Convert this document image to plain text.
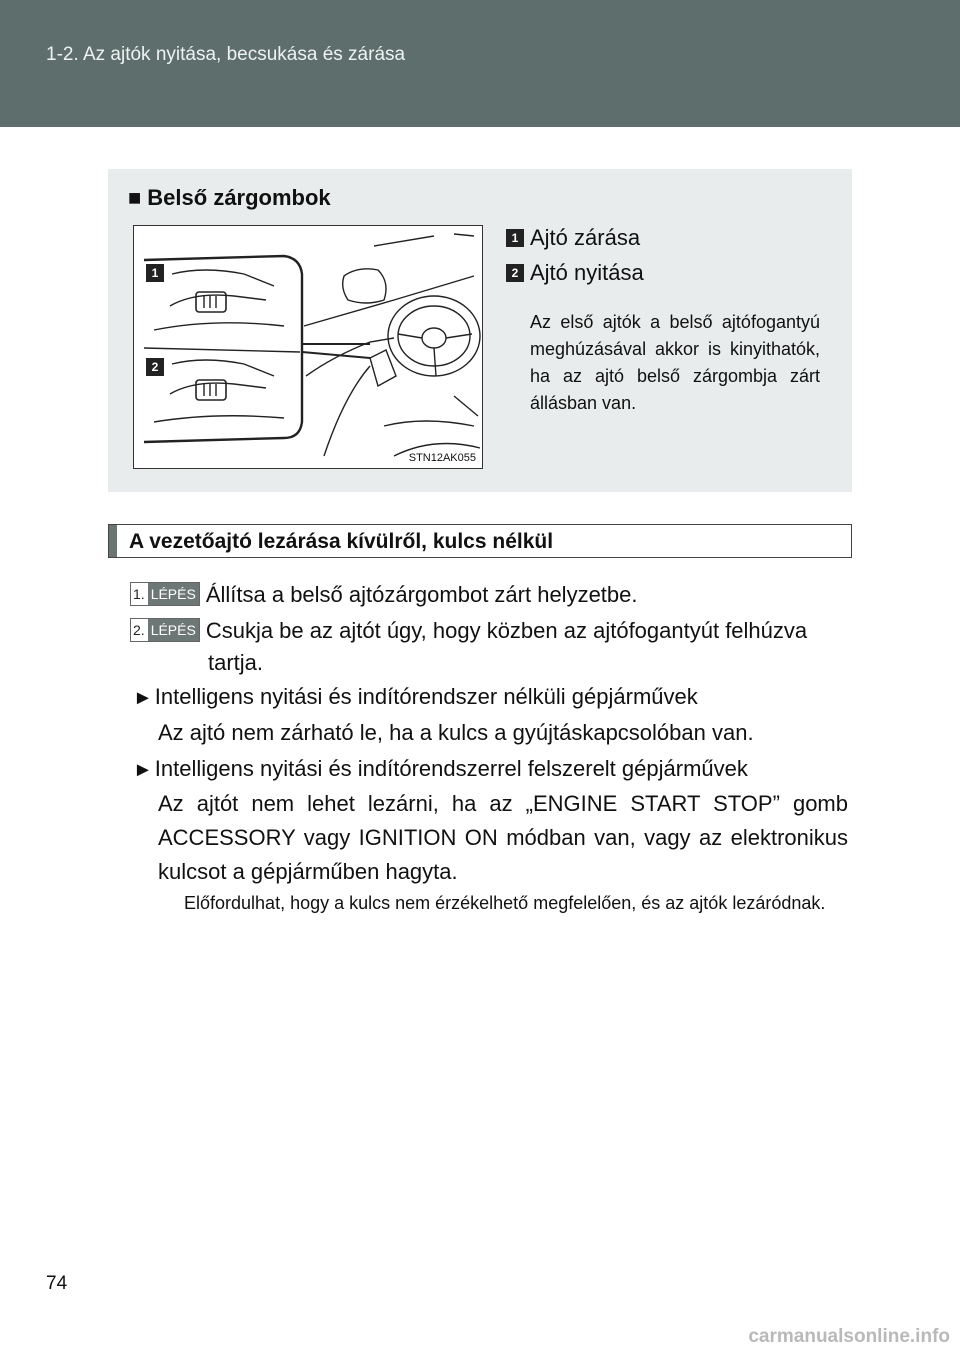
1-2. Az ajtók nyitása, becsukása és zárása
■ Belső zárgombok
1
2
STN12AK055
1 Ajtó zárása
2 Ajtó nyitása
Az első ajtók a belső ajtófogantyú meghúzásával akkor is kinyithatók, ha az ajtó belső zárgombja zárt állásban van.
A vezetőajtó lezárása kívülről, kulcs nélkül
1. LÉPÉS Állítsa a belső ajtózárgombot zárt helyzetbe.
2. LÉPÉS Csukja be az ajtót úgy, hogy közben az ajtófogantyút felhúzva
tartja.
►Intelligens nyitási és indítórendszer nélküli gépjárművek
Az ajtó nem zárható le, ha a kulcs a gyújtáskapcsolóban van.
►Intelligens nyitási és indítórendszerrel felszerelt gépjárművek
Az ajtót nem lehet lezárni, ha az „ENGINE START STOP” gomb ACCESSORY vagy IGNITION ON módban van, vagy az elektronikus kulcsot a gépjárműben hagyta.
Előfordulhat, hogy a kulcs nem érzékelhető megfelelően, és az ajtók lezáródnak.
74
carmanualsonline.info
